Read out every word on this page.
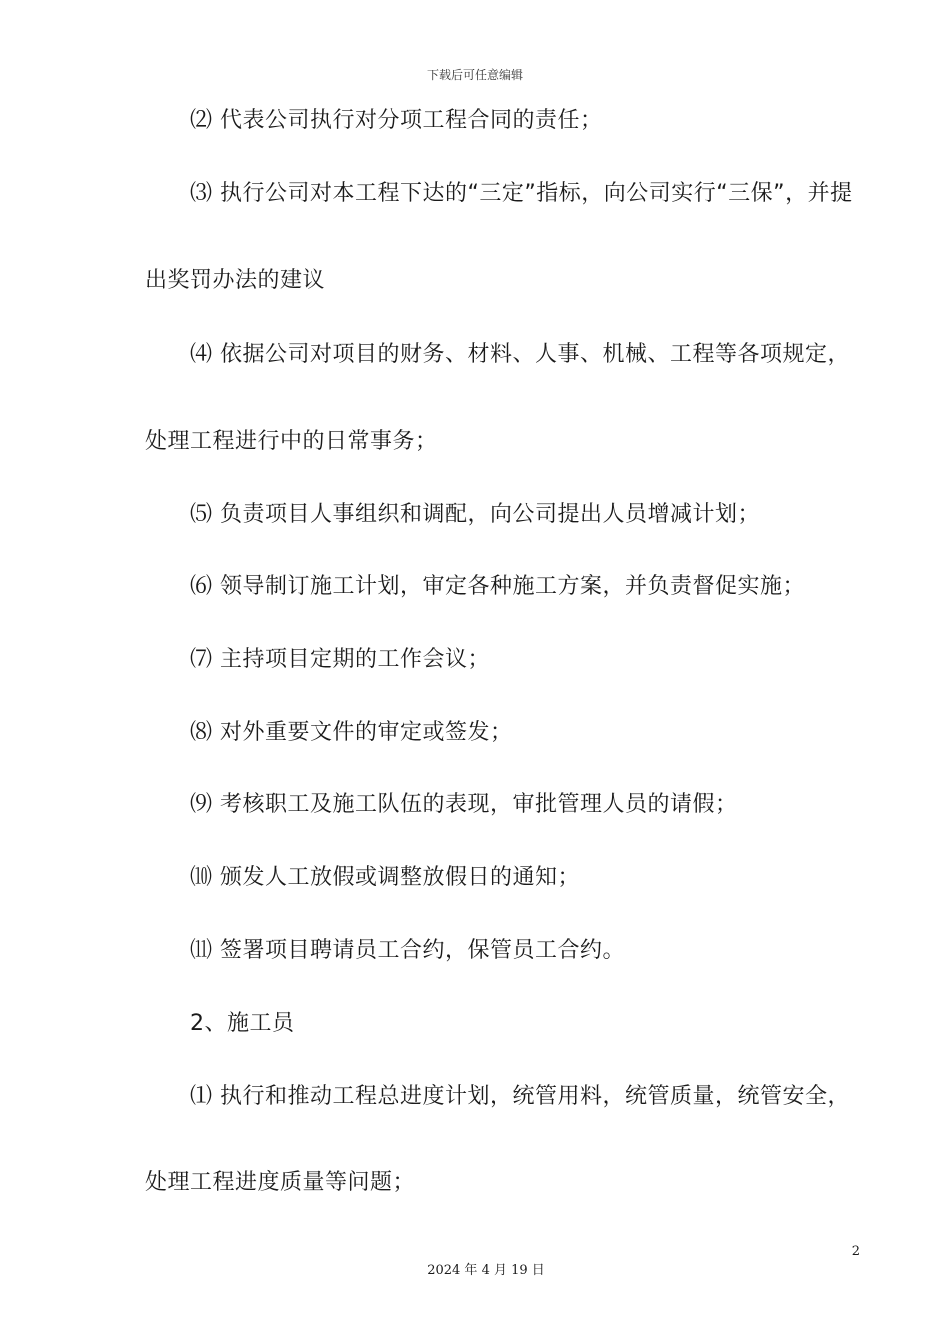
下载后可任意编辑
⑵ 代表公司执行对分项工程合同的责任；
⑶ 执行公司对本工程下达的“三定”指标，向公司实行“三保”，并提
出奖罚办法的建议
⑷ 依据公司对项目的财务、材料、人事、机械、工程等各项规定，
处理工程进行中的日常事务；
⑸ 负责项目人事组织和调配，向公司提出人员增减计划；
⑹ 领导制订施工计划，审定各种施工方案，并负责督促实施；
⑺ 主持项目定期的工作会议；
⑻ 对外重要文件的审定或签发；
⑼ 考核职工及施工队伍的表现，审批管理人员的请假；
⑽ 颁发人工放假或调整放假日的通知；
⑾ 签署项目聘请员工合约，保管员工合约。
2、施工员
⑴ 执行和推动工程总进度计划，统管用料，统管质量，统管安全，
处理工程进度质量等问题；
2
2024 年 4 月 19 日
